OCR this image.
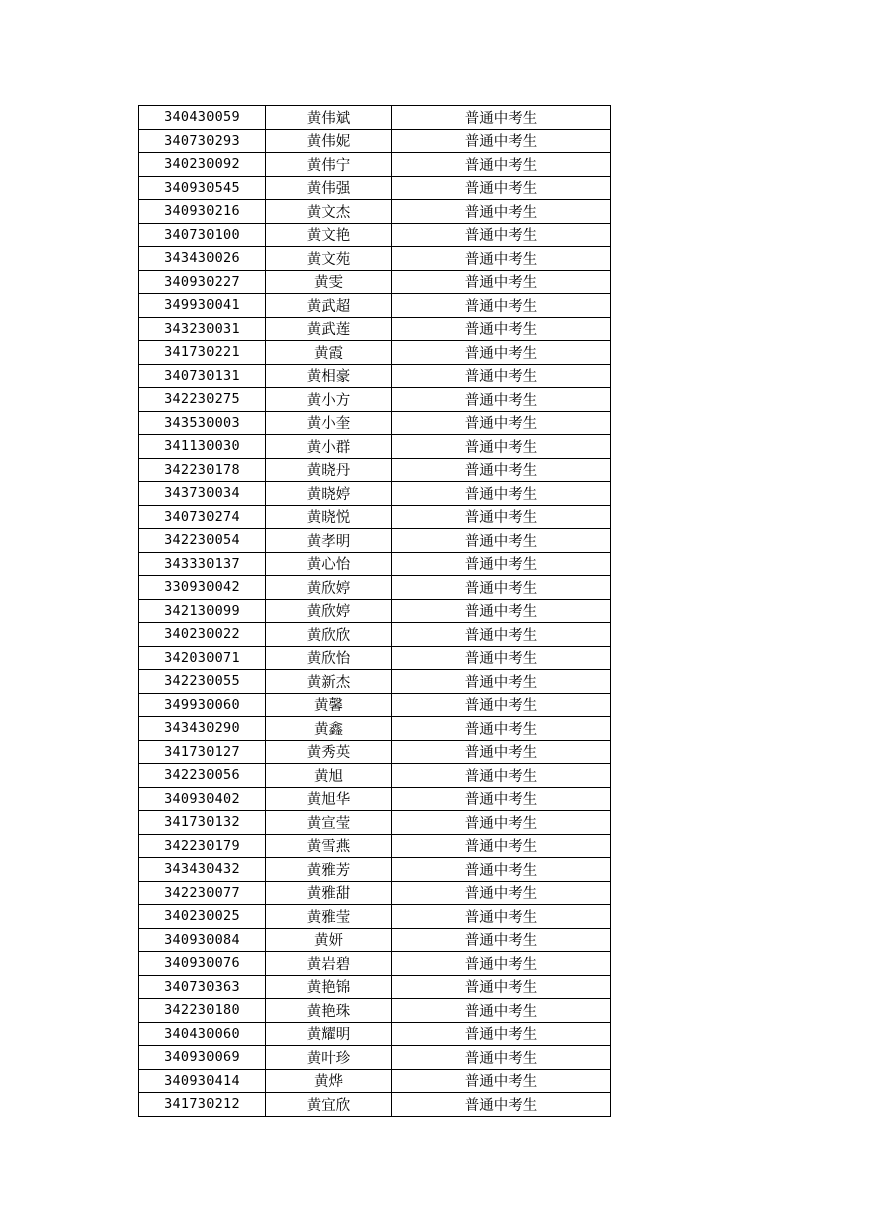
340430059	黄伟斌	普通中考生
340730293	黄伟妮	普通中考生
340230092	黄伟宁	普通中考生
340930545	黄伟强	普通中考生
340930216	黄文杰	普通中考生
340730100	黄文艳	普通中考生
343430026	黄文苑	普通中考生
340930227	黄雯	普通中考生
349930041	黄武超	普通中考生
343230031	黄武莲	普通中考生
341730221	黄霞	普通中考生
340730131	黄相豪	普通中考生
342230275	黄小方	普通中考生
343530003	黄小奎	普通中考生
341130030	黄小群	普通中考生
342230178	黄晓丹	普通中考生
343730034	黄晓婷	普通中考生
340730274	黄晓悦	普通中考生
342230054	黄孝明	普通中考生
343330137	黄心怡	普通中考生
330930042	黄欣婷	普通中考生
342130099	黄欣婷	普通中考生
340230022	黄欣欣	普通中考生
342030071	黄欣怡	普通中考生
342230055	黄新杰	普通中考生
349930060	黄馨	普通中考生
343430290	黄鑫	普通中考生
341730127	黄秀英	普通中考生
342230056	黄旭	普通中考生
340930402	黄旭华	普通中考生
341730132	黄宣莹	普通中考生
342230179	黄雪燕	普通中考生
343430432	黄雅芳	普通中考生
342230077	黄雅甜	普通中考生
340230025	黄雅莹	普通中考生
340930084	黄妍	普通中考生
340930076	黄岩碧	普通中考生
340730363	黄艳锦	普通中考生
342230180	黄艳珠	普通中考生
340430060	黄耀明	普通中考生
340930069	黄叶珍	普通中考生
340930414	黄烨	普通中考生
341730212	黄宜欣	普通中考生
